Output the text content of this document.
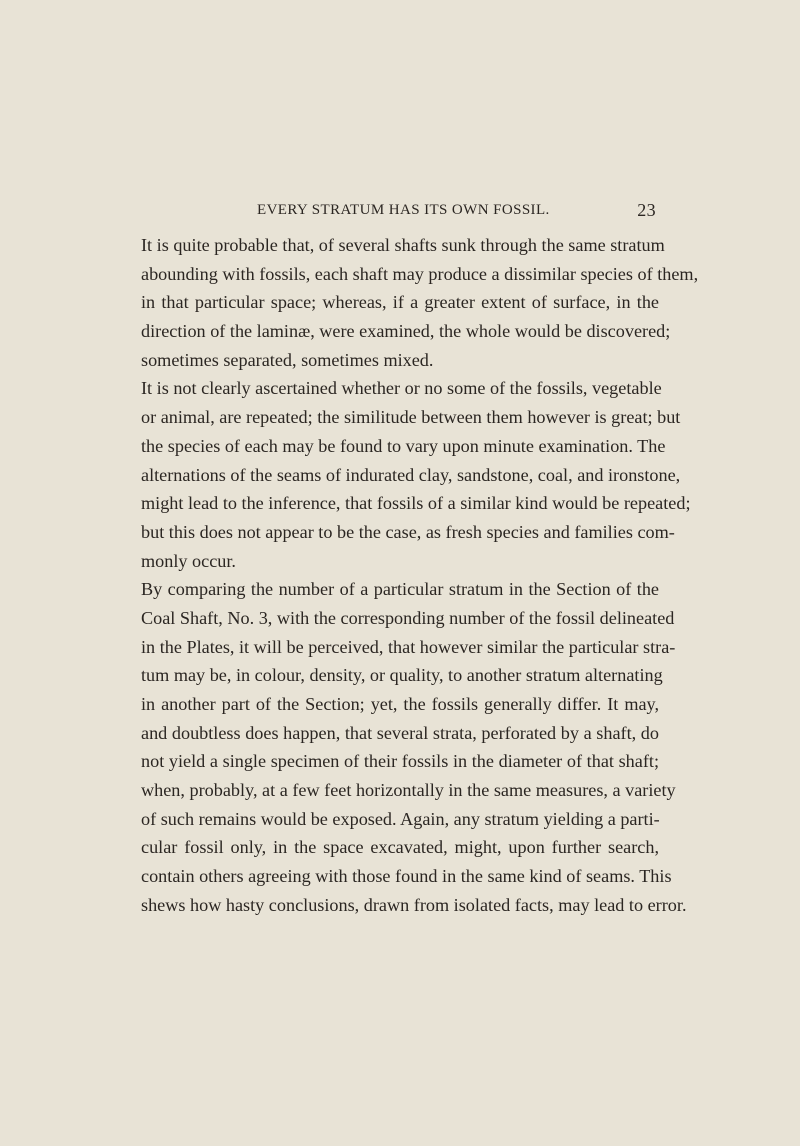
EVERY STRATUM HAS ITS OWN FOSSIL.	23
It is quite probable that, of several shafts sunk through the same stratum
abounding with fossils, each shaft may produce a dissimilar species of them,
in that particular space; whereas, if a greater extent of surface, in the
direction of the laminæ, were examined, the whole would be discovered;
sometimes separated, sometimes mixed.
It is not clearly ascertained whether or no some of the fossils, vegetable
or animal, are repeated; the similitude between them however is great; but
the species of each may be found to vary upon minute examination. The
alternations of the seams of indurated clay, sandstone, coal, and ironstone,
might lead to the inference, that fossils of a similar kind would be repeated;
but this does not appear to be the case, as fresh species and families com-
monly occur.
By comparing the number of a particular stratum in the Section of the
Coal Shaft, No. 3, with the corresponding number of the fossil delineated
in the Plates, it will be perceived, that however similar the particular stra-
tum may be, in colour, density, or quality, to another stratum alternating
in another part of the Section; yet, the fossils generally differ. It may,
and doubtless does happen, that several strata, perforated by a shaft, do
not yield a single specimen of their fossils in the diameter of that shaft;
when, probably, at a few feet horizontally in the same measures, a variety
of such remains would be exposed. Again, any stratum yielding a parti-
cular fossil only, in the space excavated, might, upon further search,
contain others agreeing with those found in the same kind of seams. This
shews how hasty conclusions, drawn from isolated facts, may lead to error.
